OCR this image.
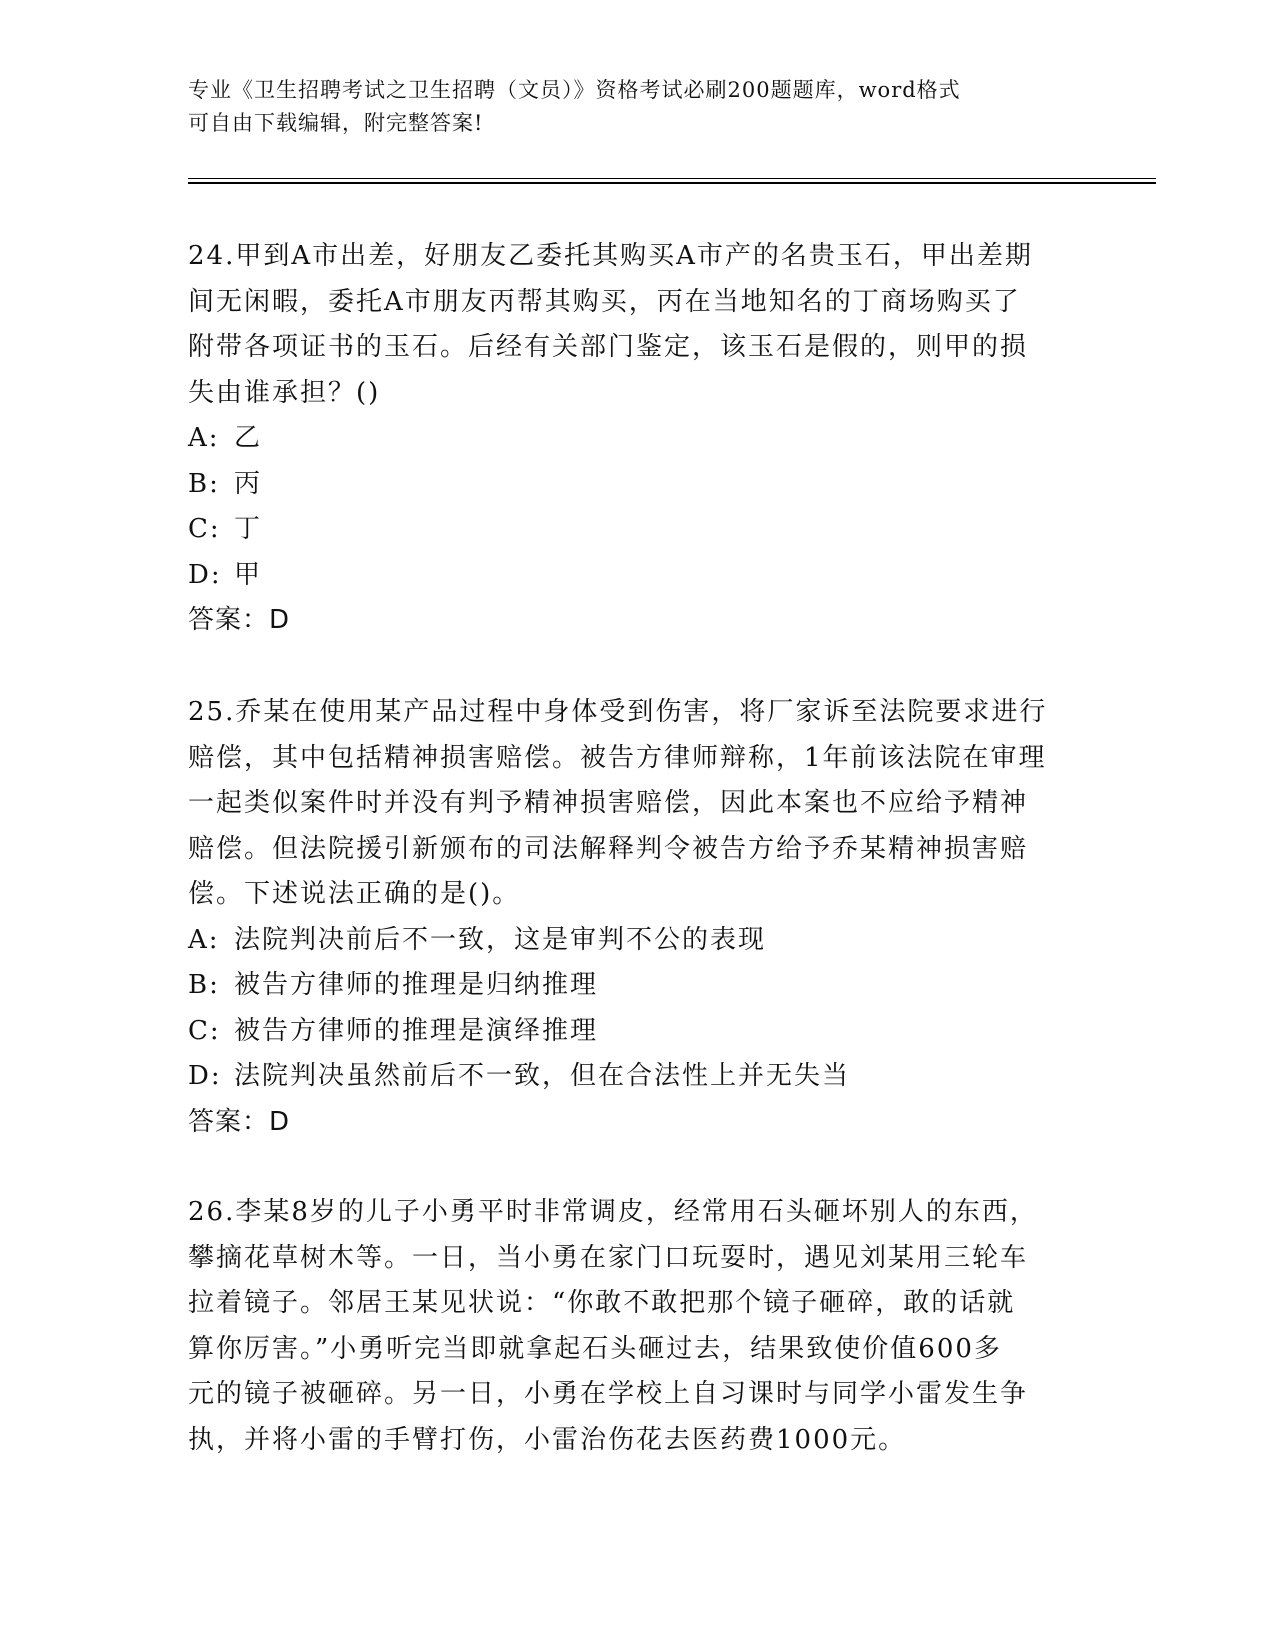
专业《卫生招聘考试之卫生招聘（文员）》资格考试必刷200题题库，word格式
可自由下载编辑，附完整答案!
24.甲到A市出差，好朋友乙委托其购买A市产的名贵玉石，甲出差期
间无闲暇，委托A市朋友丙帮其购买，丙在当地知名的丁商场购买了
附带各项证书的玉石。后经有关部门鉴定，该玉石是假的，则甲的损
失由谁承担？()
A: 乙
B: 丙
C: 丁
D: 甲
答案：D
25.乔某在使用某产品过程中身体受到伤害，将厂家诉至法院要求进行
赔偿，其中包括精神损害赔偿。被告方律师辩称，1年前该法院在审理
一起类似案件时并没有判予精神损害赔偿，因此本案也不应给予精神
赔偿。但法院援引新颁布的司法解释判令被告方给予乔某精神损害赔
偿。下述说法正确的是()。
A: 法院判决前后不一致，这是审判不公的表现
B: 被告方律师的推理是归纳推理
C: 被告方律师的推理是演绎推理
D: 法院判决虽然前后不一致，但在合法性上并无失当
答案：D
26.李某8岁的儿子小勇平时非常调皮，经常用石头砸坏别人的东西，
攀摘花草树木等。一日，当小勇在家门口玩耍时，遇见刘某用三轮车
拉着镜子。邻居王某见状说：“你敢不敢把那个镜子砸碎，敢的话就
算你厉害。”小勇听完当即就拿起石头砸过去，结果致使价值600多
元的镜子被砸碎。另一日，小勇在学校上自习课时与同学小雷发生争
执，并将小雷的手臂打伤，小雷治伤花去医药费1000元。
